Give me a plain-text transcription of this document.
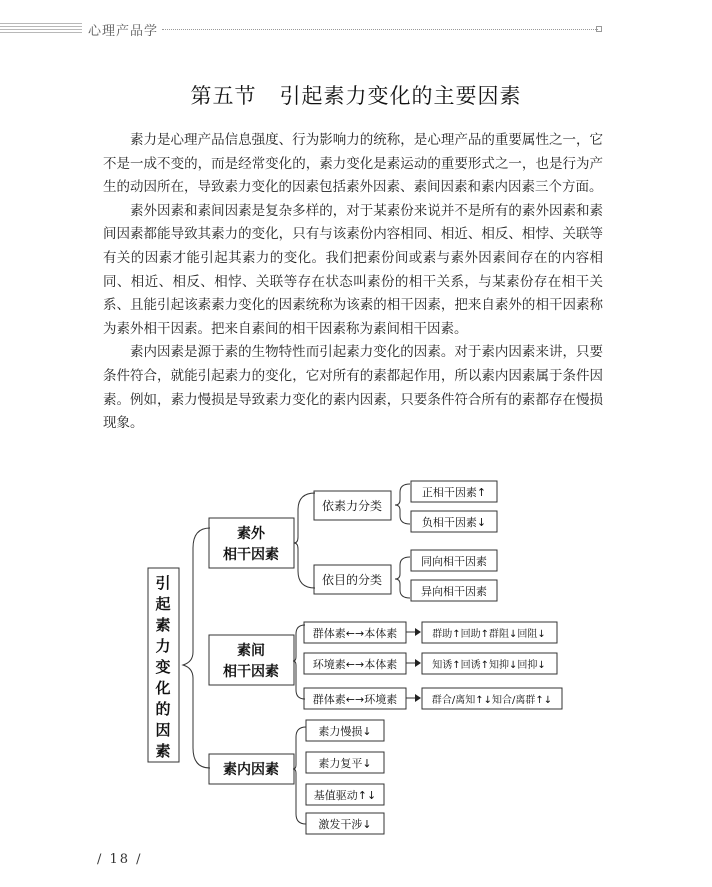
心理产品学
第五节   引起素力变化的主要因素

素力是心理产品信息强度、行为影响力的统称，是心理产品的重要属性之一，它不是一成不变的，而是经常变化的，素力变化是素运动的重要形式之一，也是行为产生的动因所在，导致素力变化的因素包括素外因素、素间因素和素内因素三个方面。

素外因素和素间因素是复杂多样的，对于某素份来说并不是所有的素外因素和素间因素都能导致其素力的变化，只有与该素份内容相同、相近、相反、相悖、关联等有关的因素才能引起其素力的变化。我们把素份间或素与素外因素间存在的内容相同、相近、相反、相悖、关联等存在状态叫素份的相干关系，与某素份存在相干关系、且能引起该素素力变化的因素统称为该素的相干因素，把来自素外的相干因素称为素外相干因素。把来自素间的相干因素称为素间相干因素。

素内因素是源于素的生物特性而引起素力变化的因素。对于素内因素来讲，只要条件符合，就能引起素力的变化，它对所有的素都起作用，所以素内因素属于条件因素。例如，素力慢损是导致素力变化的素内因素，只要条件符合所有的素都存在慢损现象。

引
起
素
力
变
化
的
因
素
素外
相干因素
素间
相干因素
素内因素
依素力分类
依目的分类
正相干因素↑
负相干因素↓
同向相干因素
异向相干因素
群体素←→本体素
环境素←→本体素
群体素←→环境素
群助↑回助↑群阻↓回阻↓
知诱↑回诱↑知抑↓回抑↓
群合/离知↑↓知合/离群↑↓
素力慢损↓
素力复平↓
基值驱动↑↓
激发干涉↓
/ 18 /
